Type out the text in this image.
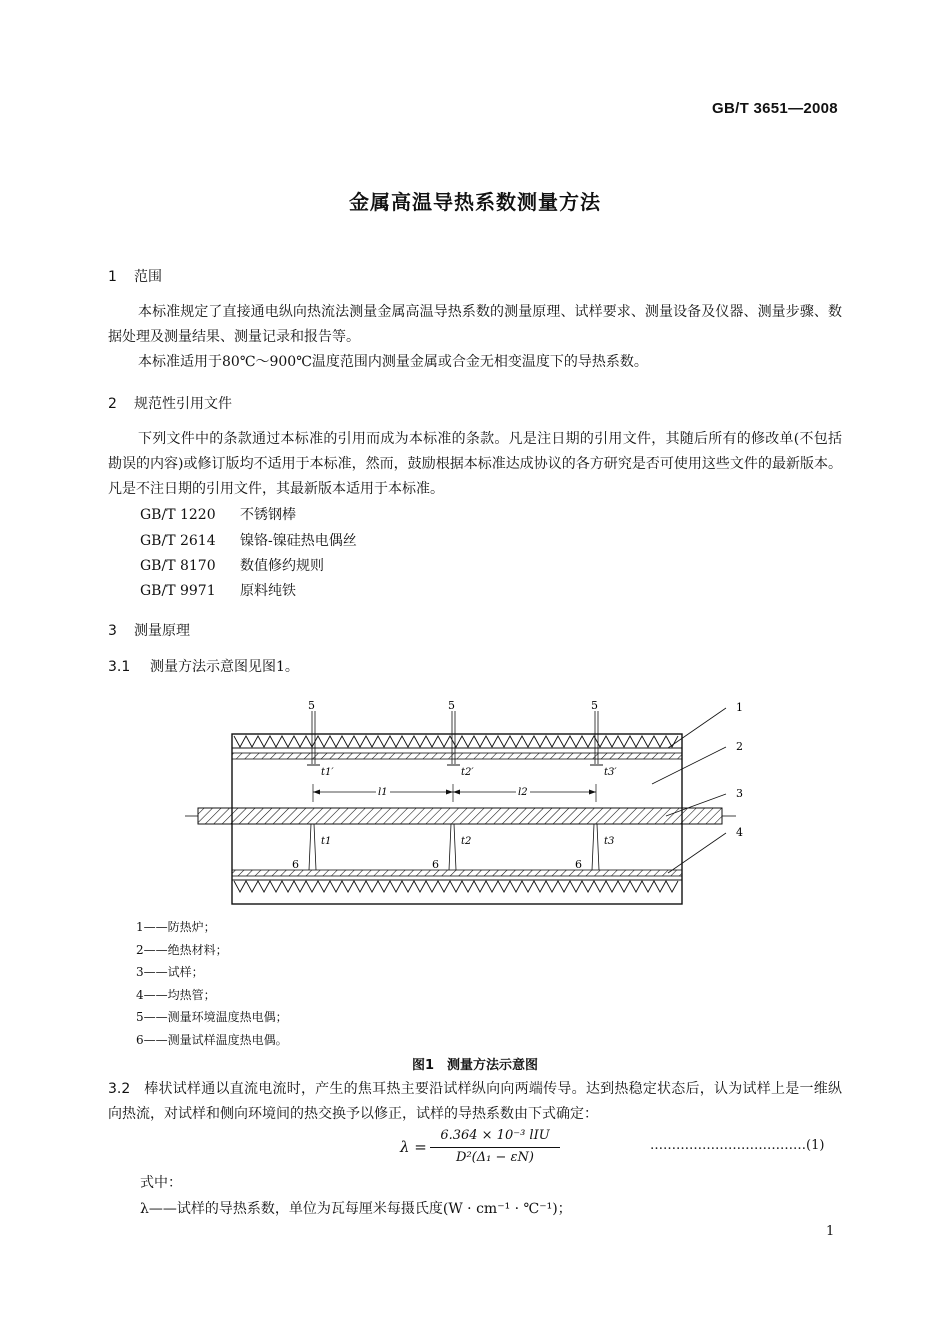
GB/T 3651—2008
金属高温导热系数测量方法
1 范围
本标准规定了直接通电纵向热流法测量金属高温导热系数的测量原理、试样要求、测量设备及仪器、测量步骤、数据处理及测量结果、测量记录和报告等。
本标准适用于80℃～900℃温度范围内测量金属或合金无相变温度下的导热系数。
2 规范性引用文件
下列文件中的条款通过本标准的引用而成为本标准的条款。凡是注日期的引用文件，其随后所有的修改单(不包括勘误的内容)或修订版均不适用于本标准，然而，鼓励根据本标准达成协议的各方研究是否可使用这些文件的最新版本。凡是不注日期的引用文件，其最新版本适用于本标准。
GB/T 1220 不锈钢棒
GB/T 2614 镍铬-镍硅热电偶丝
GB/T 8170 数值修约规则
GB/T 9971 原料纯铁
3 测量原理
3.1 测量方法示意图见图1。
1
2
3
4
5	5	5
6	6	6
t1′	t2′	t3′
t1	t2	t3
l1	l2
1——防热炉；
2——绝热材料；
3——试样；
4——均热管；
5——测量环境温度热电偶；
6——测量试样温度热电偶。
图1　测量方法示意图
3.2 棒状试样通以直流电流时，产生的焦耳热主要沿试样纵向向两端传导。达到热稳定状态后，认为试样上是一维纵向热流，对试样和侧向环境间的热交换予以修正，试样的导热系数由下式确定：
λ =
6.364 × 10⁻³ lIU
D²(Δ₁ − εN)
………………………………(1)
式中：
λ——试样的导热系数，单位为瓦每厘米每摄氏度(W · cm⁻¹ · ℃⁻¹)；
1
